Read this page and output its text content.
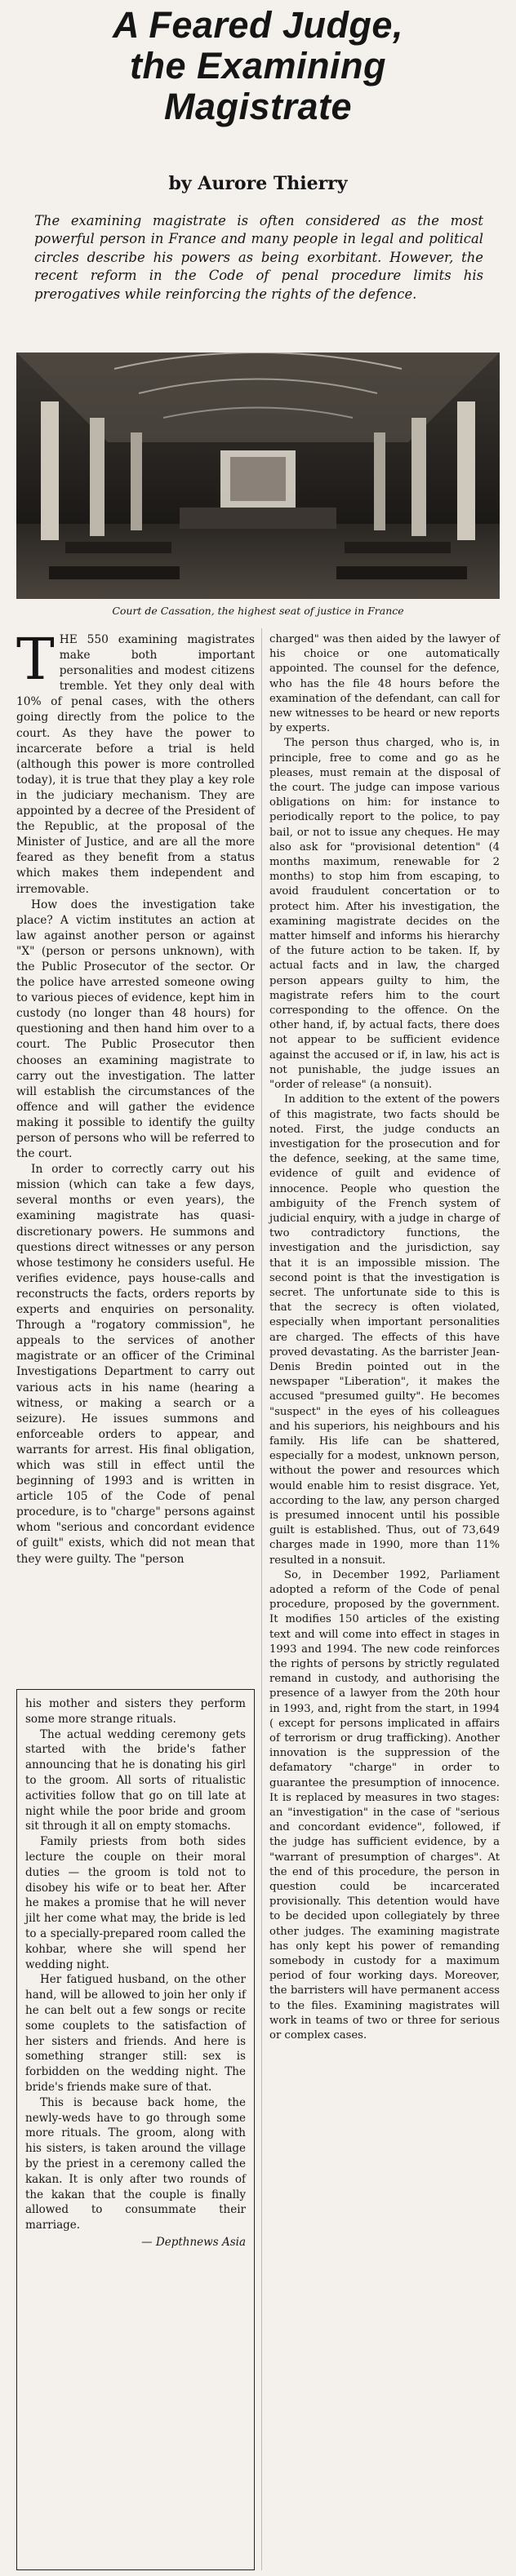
A Feared Judge,
the Examining
Magistrate
by Aurore Thierry
The examining magistrate is often considered as the most powerful person in France and many people in legal and political circles describe his powers as being exorbitant. However, the recent reform in the Code of penal procedure limits his prerogatives while reinforcing the rights of the defence.
Court de Cassation, the highest seat of justice in France

THE 550 examining magistrates make both important personalities and modest citizens tremble. Yet they only deal with 10% of penal cases, with the others going directly from the police to the court. As they have the power to incarcerate before a trial is held (although this power is more controlled today), it is true that they play a key role in the judiciary mechanism. They are appointed by a decree of the President of the Republic, at the proposal of the Minister of Justice, and are all the more feared as they benefit from a status which makes them independent and irremovable.

How does the investigation take place? A victim institutes an action at law against another person or against "X" (person or persons unknown), with the Public Prosecutor of the sector. Or the police have arrested someone owing to various pieces of evidence, kept him in custody (no longer than 48 hours) for questioning and then hand him over to a court. The Public Prosecutor then chooses an examining magistrate to carry out the investigation. The latter will establish the circumstances of the offence and will gather the evidence making it possible to identify the guilty person of persons who will be referred to the court.

In order to correctly carry out his mission (which can take a few days, several months or even years), the examining magistrate has quasi-discretionary powers. He summons and questions direct witnesses or any person whose testimony he considers useful. He verifies evidence, pays house-calls and reconstructs the facts, orders reports by experts and enquiries on personality. Through a "rogatory commission", he appeals to the services of another magistrate or an officer of the Criminal Investigations Department to carry out various acts in his name (hearing a witness, or making a search or a seizure). He issues summons and enforceable orders to appear, and warrants for arrest. His final obligation, which was still in effect until the beginning of 1993 and is written in article 105 of the Code of penal procedure, is to "charge" persons against whom "serious and concordant evidence of guilt" exists, which did not mean that they were guilty. The "person

charged" was then aided by the lawyer of his choice or one automatically appointed. The counsel for the defence, who has the file 48 hours before the examination of the defendant, can call for new witnesses to be heard or new reports by experts.

The person thus charged, who is, in principle, free to come and go as he pleases, must remain at the disposal of the court. The judge can impose various obligations on him: for instance to periodically report to the police, to pay bail, or not to issue any cheques. He may also ask for "provisional detention" (4 months maximum, renewable for 2 months) to stop him from escaping, to avoid fraudulent concertation or to protect him. After his investigation, the examining magistrate decides on the matter himself and informs his hierarchy of the future action to be taken. If, by actual facts and in law, the charged person appears guilty to him, the magistrate refers him to the court corresponding to the offence. On the other hand, if, by actual facts, there does not appear to be sufficient evidence against the accused or if, in law, his act is not punishable, the judge issues an "order of release" (a nonsuit).

In addition to the extent of the powers of this magistrate, two facts should be noted. First, the judge conducts an investigation for the prosecution and for the defence, seeking, at the same time, evidence of guilt and evidence of innocence. People who question the ambiguity of the French system of judicial enquiry, with a judge in charge of two contradictory functions, the investigation and the jurisdiction, say that it is an impossible mission. The second point is that the investigation is secret. The unfortunate side to this is that the secrecy is often violated, especially when important personalities are charged. The effects of this have proved devastating. As the barrister Jean-Denis Bredin pointed out in the newspaper "Liberation", it makes the accused "presumed guilty". He becomes "suspect" in the eyes of his colleagues and his superiors, his neighbours and his family. His life can be shattered, especially for a modest, unknown person, without the power and resources which would enable him to resist disgrace. Yet, according to the law, any person charged is presumed innocent until his possible guilt is established. Thus, out of 73,649 charges made in 1990, more than 11% resulted in a nonsuit.

So, in December 1992, Parliament adopted a reform of the Code of penal procedure, proposed by the government. It modifies 150 articles of the existing text and will come into effect in stages in 1993 and 1994. The new code reinforces the rights of persons by strictly regulated remand in custody, and authorising the presence of a lawyer from the 20th hour in 1993, and, right from the start, in 1994 ( except for persons implicated in affairs of terrorism or drug trafficking). Another innovation is the suppression of the defamatory "charge" in order to guarantee the presumption of innocence. It is replaced by measures in two stages: an "investigation" in the case of "serious and concordant evidence", followed, if the judge has sufficient evidence, by a "warrant of presumption of charges". At the end of this procedure, the person in question could be incarcerated provisionally. This detention would have to be decided upon collegiately by three other judges. The examining magistrate has only kept his power of remanding somebody in custody for a maximum period of four working days. Moreover, the barristers will have permanent access to the files. Examining magistrates will work in teams of two or three for serious or complex cases.

his mother and sisters they perform some more strange rituals.

The actual wedding ceremony gets started with the bride's father announcing that he is donating his girl to the groom. All sorts of ritualistic activities follow that go on till late at night while the poor bride and groom sit through it all on empty stomachs.

Family priests from both sides lecture the couple on their moral duties — the groom is told not to disobey his wife or to beat her. After he makes a promise that he will never jilt her come what may, the bride is led to a specially-prepared room called the kohbar, where she will spend her wedding night.

Her fatigued husband, on the other hand, will be allowed to join her only if he can belt out a few songs or recite some couplets to the satisfaction of her sisters and friends. And here is something stranger still: sex is forbidden on the wedding night. The bride's friends make sure of that.

This is because back home, the newly-weds have to go through some more rituals. The groom, along with his sisters, is taken around the village by the priest in a ceremony called the kakan. It is only after two rounds of the kakan that the couple is finally allowed to consummate their marriage.

— Depthnews Asia
